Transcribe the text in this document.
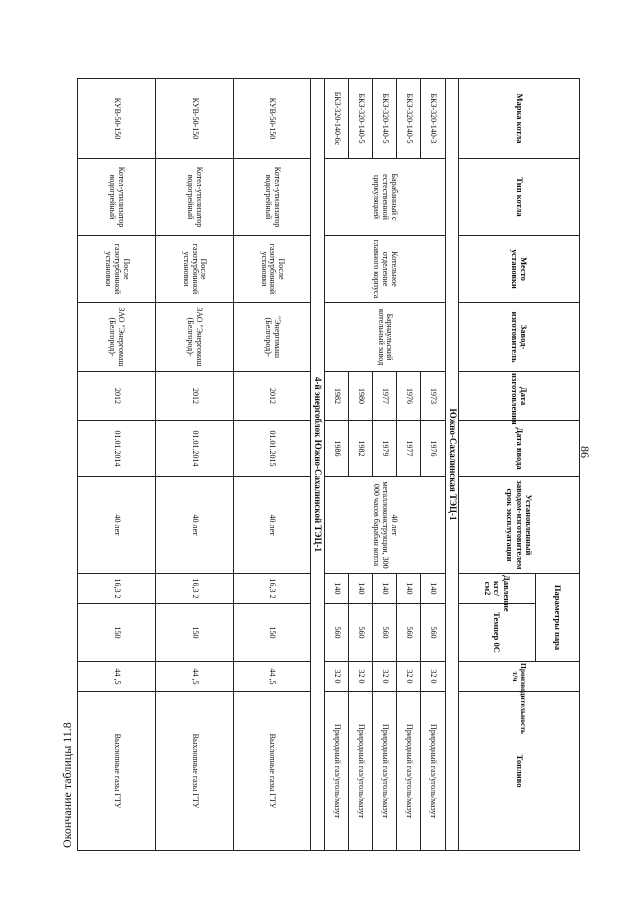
Окончание таблицы 11.8
86
Марка котла	Тип котла	Место установки	Завод-изготовитель	Дата изготовления	Дата ввода	Установленный заводом-изготовителем срок эксплуатации	Параметры пара		Производительность т/ч	Топливо
							Давление кгс/см2	Темпер 0С		
Южно-Сахалинская ТЭЦ-1										
БКЗ-320-140-3	Барабанный с естественной циркуляцией	Котельное отделение главного корпуса	Барнаульский котельный завод	1973	1976	40 лет металлоконструкции, 300 000 часов барабан котла	140	560	32 0	Природный газ/уголь/мазут
БКЗ-320-140-5				1976	1977		140	560	32 0	Природный газ/уголь/мазут
БКЗ-320-140-5				1977	1979		140	560	32 0	Природный газ/уголь/мазут
БКЗ-320-140-5				1980	1982		140	560	32 0	Природный газ/уголь/мазут
БКЗ-320-140-6с				1982	1986		140	560	32 0	Природный газ/уголь/мазут
4-й энергоблок Южно-Сахалинской ТЭЦ-1										
КУВ-50-150	Котел-утилизатор водогрейный	После газотурбинной установки	"Энергомаш (Белгород)-	2012	01.01.2015	40 лет	16,3 2	150	44 ,5	Выхлопные газы ГТУ
КУВ-50-150	Котел-утилизатор водогрейный	После газотурбинной установки	ЗАО "Энергомаш (Белгород)-	2012	01.01.2014	40 лет	16,3 2	150	44 ,5	Выхлопные газы ГТУ
КУВ-50-150	Котел-утилизатор водогрейный	После газотурбинной установки	ЗАО "Энергомаш (Белгород)-	2012	01.01.2014	40 лет	16,3 2	150	44 ,5	Выхлопные газы ГТУ
